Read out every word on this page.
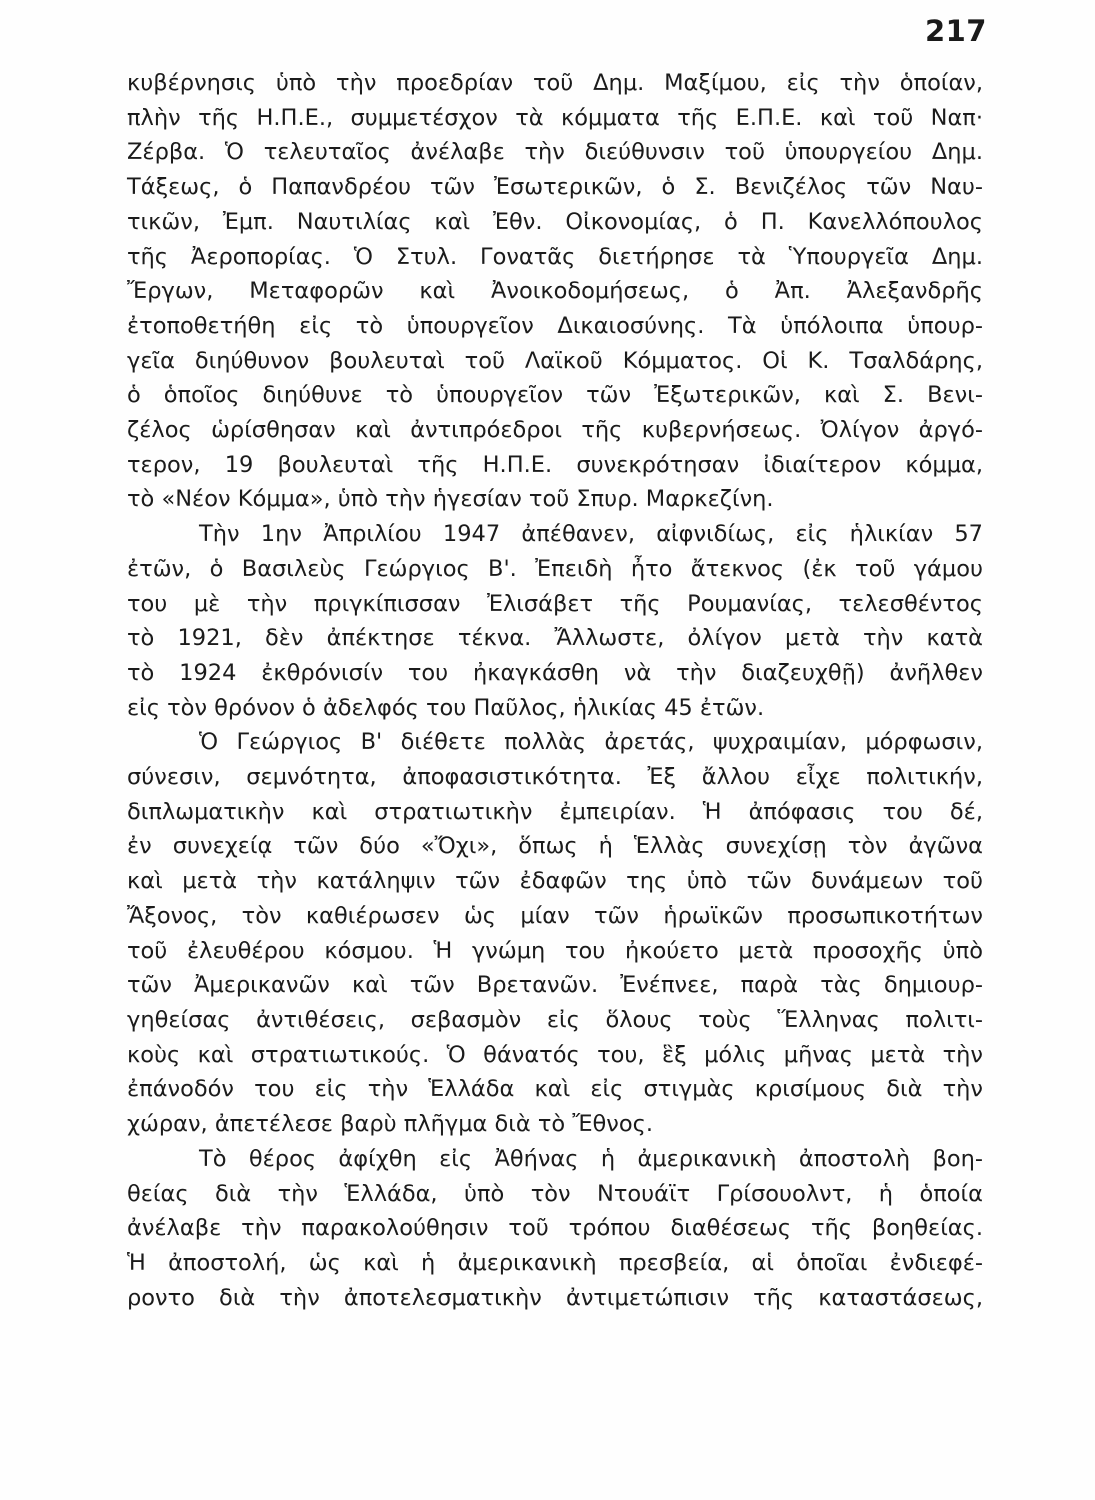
217

κυβέρνησις ὑπὸ τὴν προεδρίαν τοῦ Δημ. Μαξίμου, εἰς τὴν ὁποίαν,
πλὴν τῆς Η.Π.Ε., συμμετέσχον τὰ κόμματα τῆς Ε.Π.Ε. καὶ τοῦ Ναπ·
Ζέρβα. Ὁ τελευταῖος ἀνέλαβε τὴν διεύθυνσιν τοῦ ὑπουργείου Δημ.
Τάξεως, ὁ Παπανδρέου τῶν Ἐσωτερικῶν, ὁ Σ. Βενιζέλος τῶν Ναυ-
τικῶν, Ἐμπ. Ναυτιλίας καὶ Ἐθν. Οἰκονομίας, ὁ Π. Κανελλόπουλος
τῆς Ἀεροπορίας. Ὁ Στυλ. Γονατᾶς διετήρησε τὰ Ὑπουργεῖα Δημ.
Ἔργων, Μεταφορῶν καὶ Ἀνοικοδομήσεως, ὁ Ἀπ. Ἀλεξανδρῆς
ἐτοποθετήθη εἰς τὸ ὑπουργεῖον Δικαιοσύνης. Τὰ ὑπόλοιπα ὑπουρ-
γεῖα διηύθυνον βουλευταὶ τοῦ Λαϊκοῦ Κόμματος. Οἱ Κ. Τσαλδάρης,
ὁ ὁποῖος διηύθυνε τὸ ὑπουργεῖον τῶν Ἐξωτερικῶν, καὶ Σ. Βενι-
ζέλος ὡρίσθησαν καὶ ἀντιπρόεδροι τῆς κυβερνήσεως. Ὀλίγον ἀργό-
τερον, 19 βουλευταὶ τῆς Η.Π.Ε. συνεκρότησαν ἰδιαίτερον κόμμα,
τὸ «Νέον Κόμμα», ὑπὸ τὴν ἡγεσίαν τοῦ Σπυρ. Μαρκεζίνη.

Τὴν 1ην Ἀπριλίου 1947 ἀπέθανεν, αἰφνιδίως, εἰς ἡλικίαν 57
ἐτῶν, ὁ Βασιλεὺς Γεώργιος Β'. Ἐπειδὴ ἦτο ἄτεκνος (ἐκ τοῦ γάμου
του μὲ τὴν πριγκίπισσαν Ἐλισάβετ τῆς Ρουμανίας, τελεσθέντος
τὸ 1921, δὲν ἀπέκτησε τέκνα. Ἄλλωστε, ὀλίγον μετὰ τὴν κατὰ
τὸ 1924 ἐκθρόνισίν του ἠκαγκάσθη νὰ τὴν διαζευχθῇ) ἀνῆλθεν
εἰς τὸν θρόνον ὁ ἀδελφός του Παῦλος, ἡλικίας 45 ἐτῶν.

Ὁ Γεώργιος Β' διέθετε πολλὰς ἀρετάς, ψυχραιμίαν, μόρφωσιν,
σύνεσιν, σεμνότητα, ἀποφασιστικότητα. Ἐξ ἄλλου εἶχε πολιτικήν,
διπλωματικὴν καὶ στρατιωτικὴν ἐμπειρίαν. Ἡ ἀπόφασις του δέ,
ἐν συνεχείᾳ τῶν δύο «Ὄχι», ὅπως ἡ Ἑλλὰς συνεχίσῃ τὸν ἀγῶνα
καὶ μετὰ τὴν κατάληψιν τῶν ἐδαφῶν της ὑπὸ τῶν δυνάμεων τοῦ
Ἄξονος, τὸν καθιέρωσεν ὡς μίαν τῶν ἡρωϊκῶν προσωπικοτήτων
τοῦ ἐλευθέρου κόσμου. Ἡ γνώμη του ἠκούετο μετὰ προσοχῆς ὑπὸ
τῶν Ἀμερικανῶν καὶ τῶν Βρετανῶν. Ἐνέπνεε, παρὰ τὰς δημιουρ-
γηθείσας ἀντιθέσεις, σεβασμὸν εἰς ὅλους τοὺς Ἕλληνας πολιτι-
κοὺς καὶ στρατιωτικούς. Ὁ θάνατός του, ἓξ μόλις μῆνας μετὰ τὴν
ἐπάνοδόν του εἰς τὴν Ἑλλάδα καὶ εἰς στιγμὰς κρισίμους διὰ τὴν
χώραν, ἀπετέλεσε βαρὺ πλῆγμα διὰ τὸ Ἔθνος.

Τὸ θέρος ἀφίχθη εἰς Ἀθήνας ἡ ἀμερικανικὴ ἀποστολὴ βοη-
θείας διὰ τὴν Ἑλλάδα, ὑπὸ τὸν Ντουάϊτ Γρίσουολντ, ἡ ὁποία
ἀνέλαβε τὴν παρακολούθησιν τοῦ τρόπου διαθέσεως τῆς βοηθείας.
Ἡ ἀποστολή, ὡς καὶ ἡ ἀμερικανικὴ πρεσβεία, αἱ ὁποῖαι ἐνδιεφέ-
ροντο διὰ τὴν ἀποτελεσματικὴν ἀντιμετώπισιν τῆς καταστάσεως,
